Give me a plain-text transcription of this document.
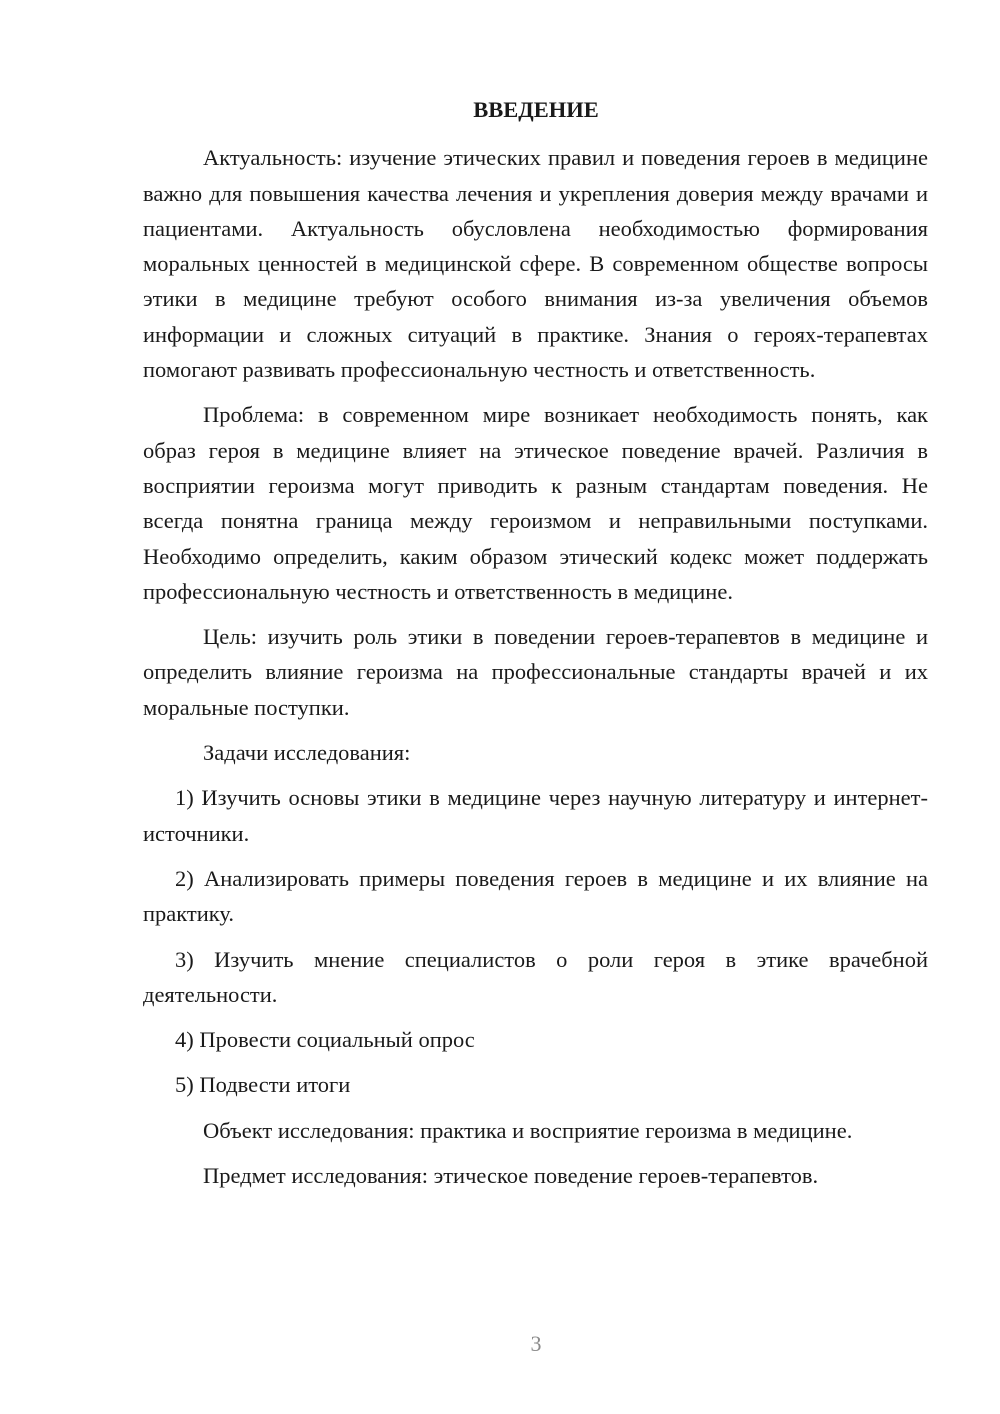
ВВЕДЕНИЕ

Актуальность: изучение этических правил и поведения героев в медицине важно для повышения качества лечения и укрепления доверия между врачами и пациентами. Актуальность обусловлена необходимостью формирования моральных ценностей в медицинской сфере. В современном обществе вопросы этики в медицине требуют особого внимания из-за увеличения объемов информации и сложных ситуаций в практике. Знания о героях-терапевтах помогают развивать профессиональную честность и ответственность.

Проблема: в современном мире возникает необходимость понять, как образ героя в медицине влияет на этическое поведение врачей. Различия в восприятии героизма могут приводить к разным стандартам поведения. Не всегда понятна граница между героизмом и неправильными поступками. Необходимо определить, каким образом этический кодекс может поддержать профессиональную честность и ответственность в медицине.

Цель: изучить роль этики в поведении героев-терапевтов в медицине и определить влияние героизма на профессиональные стандарты врачей и их моральные поступки.

Задачи исследования:

1) Изучить основы этики в медицине через научную литературу и интернет-источники.

2) Анализировать примеры поведения героев в медицине и их влияние на практику.

3) Изучить мнение специалистов о роли героя в этике врачебной деятельности.

4) Провести социальный опрос

5) Подвести итоги

Объект исследования: практика и восприятие героизма в медицине.

Предмет исследования: этическое поведение героев-терапевтов.

3
